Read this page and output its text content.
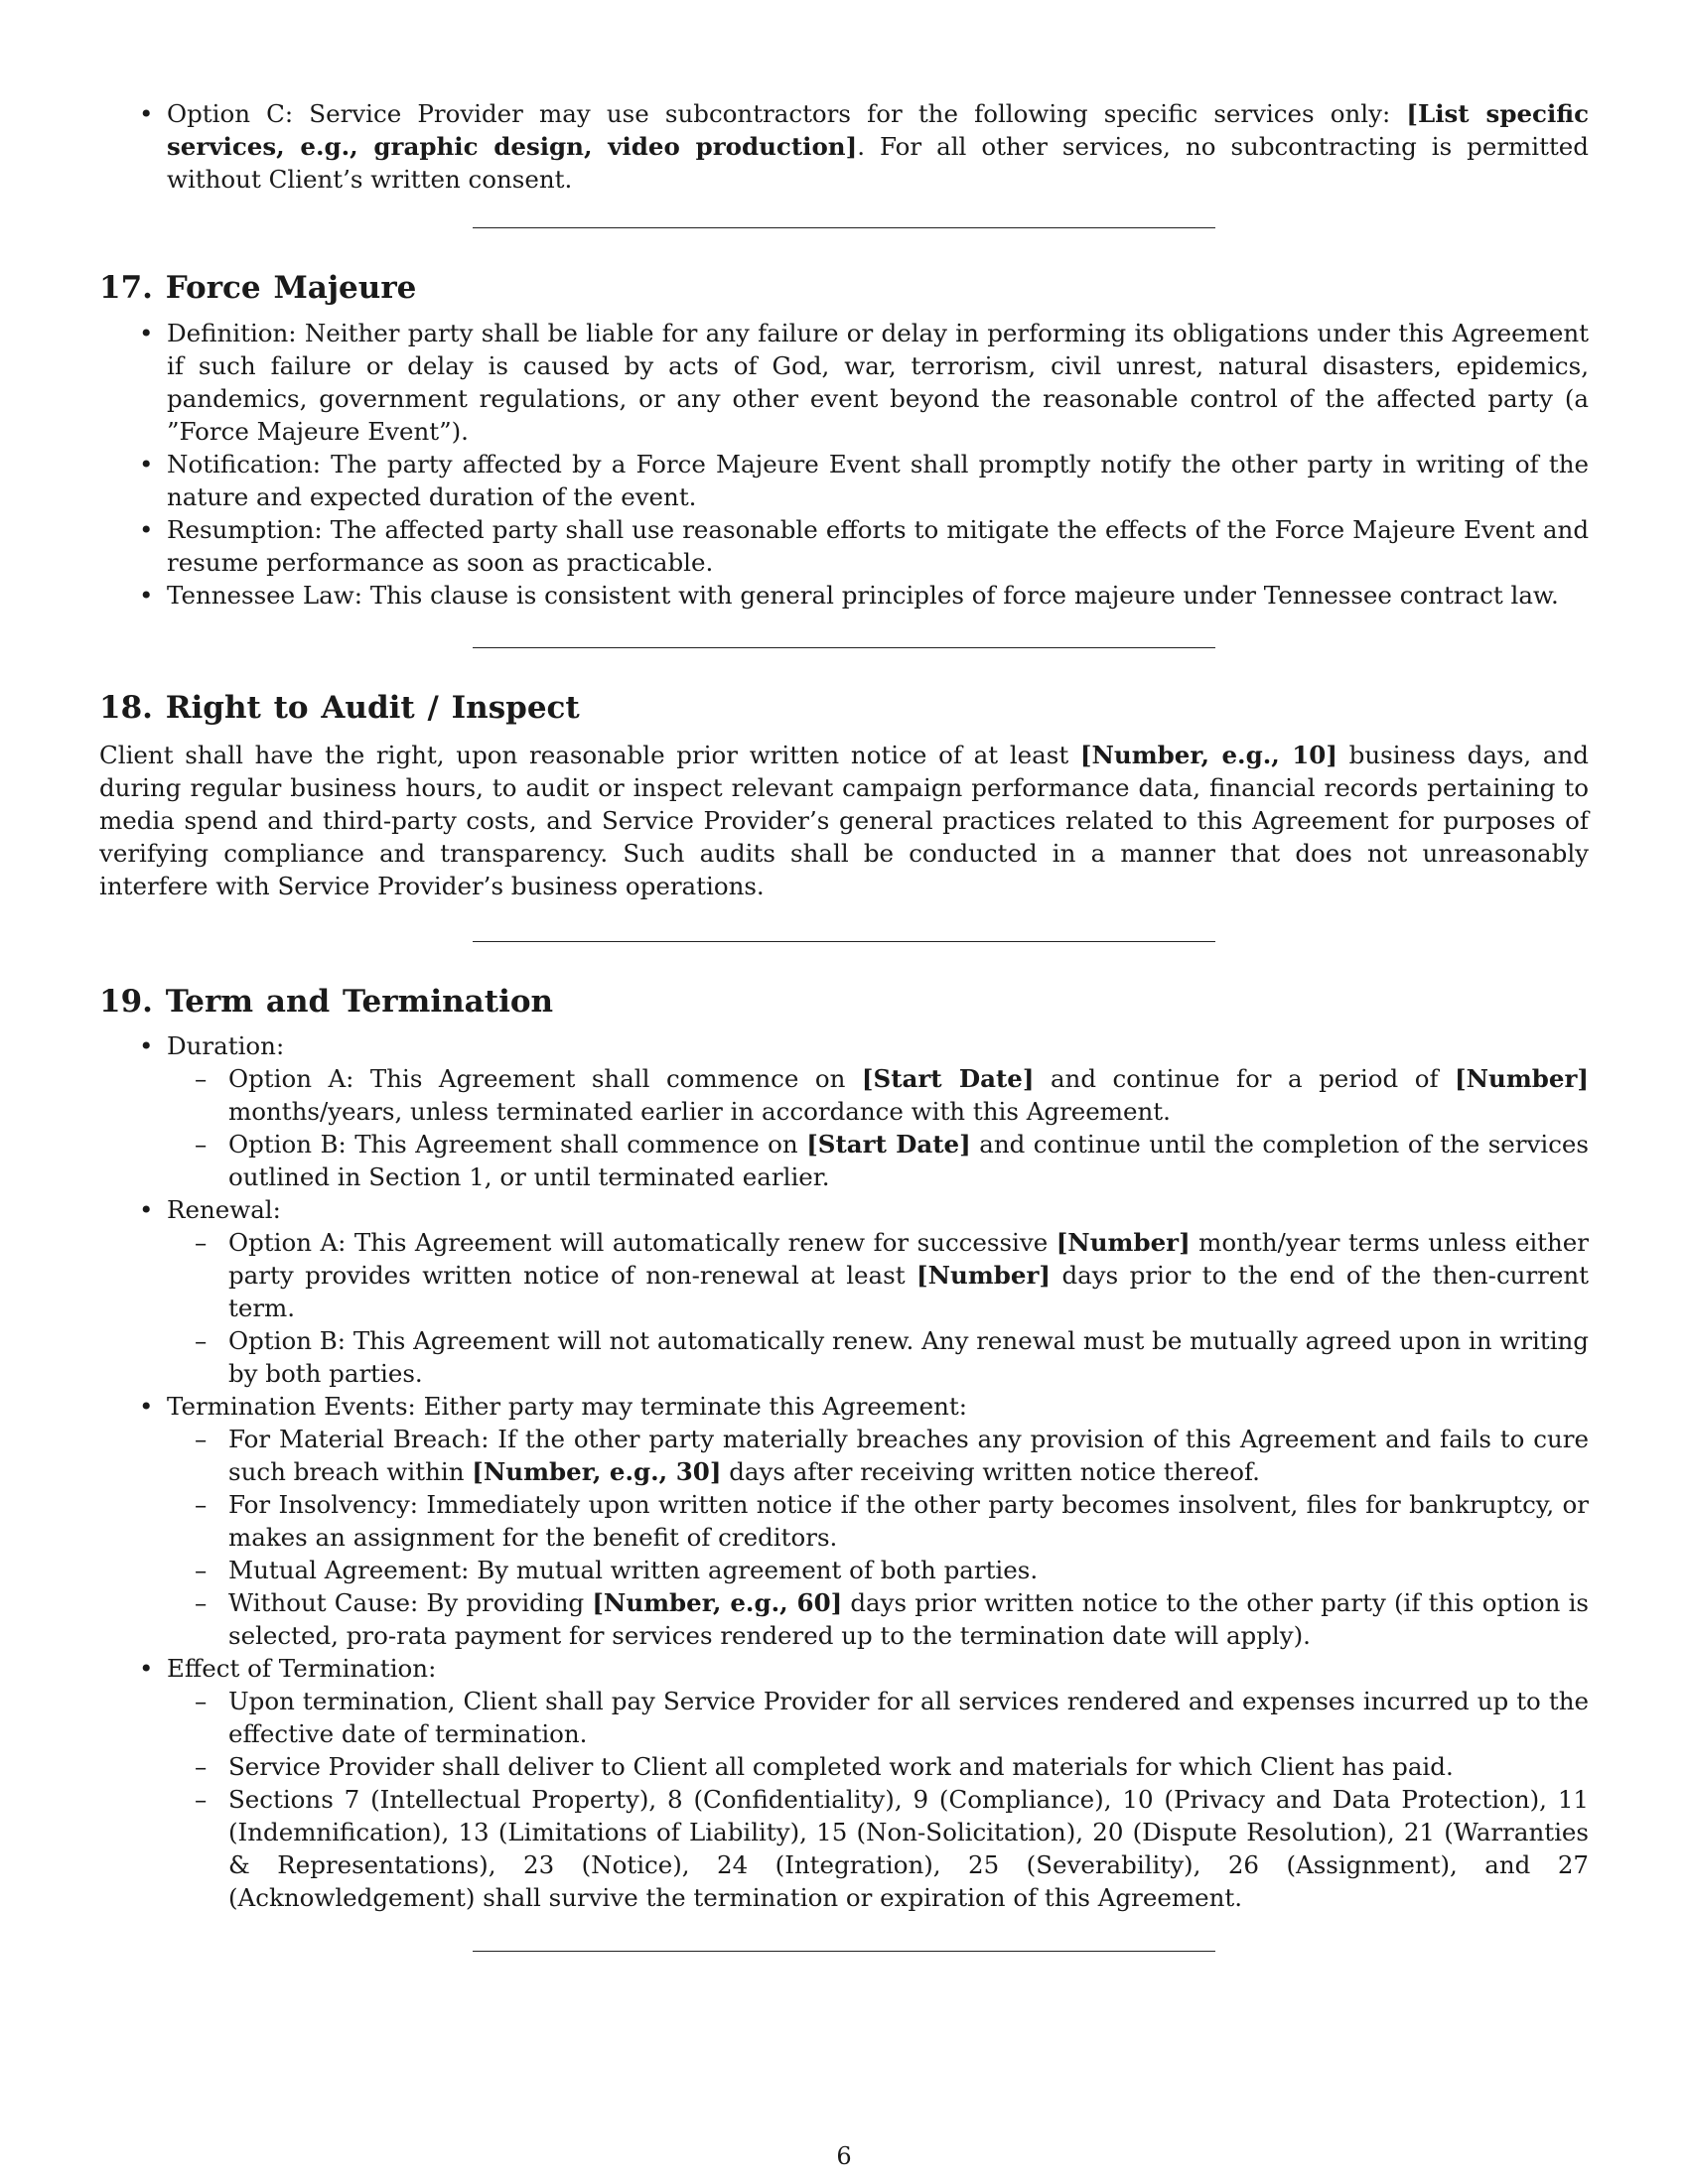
• Option C: Service Provider may use subcontractors for the following specific services only: [List specific services, e.g., graphic design, video production]. For all other services, no subcontracting is permitted without Client’s written consent.
17. Force Majeure
• Definition: Neither party shall be liable for any failure or delay in performing its obligations under this Agreement if such failure or delay is caused by acts of God, war, terrorism, civil unrest, natural disasters, epidemics, pandemics, government regulations, or any other event beyond the reasonable control of the affected party (a ”Force Majeure Event”).
• Notification: The party affected by a Force Majeure Event shall promptly notify the other party in writing of the nature and expected duration of the event.
• Resumption: The affected party shall use reasonable efforts to mitigate the effects of the Force Majeure Event and resume performance as soon as practicable.
• Tennessee Law: This clause is consistent with general principles of force majeure under Tennessee contract law.
18. Right to Audit / Inspect

Client shall have the right, upon reasonable prior written notice of at least [Number, e.g., 10] business days, and during regular business hours, to audit or inspect relevant campaign performance data, financial records pertaining to media spend and third-party costs, and Service Provider’s general practices related to this Agreement for purposes of verifying compliance and transparency. Such audits shall be conducted in a manner that does not unreasonably interfere with Service Provider’s business operations.

19. Term and Termination
• Duration:
– Option A: This Agreement shall commence on [Start Date] and continue for a period of [Number] months/years, unless terminated earlier in accordance with this Agreement.
– Option B: This Agreement shall commence on [Start Date] and continue until the completion of the services outlined in Section 1, or until terminated earlier.
• Renewal:
– Option A: This Agreement will automatically renew for successive [Number] month/year terms unless either party provides written notice of non-renewal at least [Number] days prior to the end of the then-current term.
– Option B: This Agreement will not automatically renew. Any renewal must be mutually agreed upon in writing by both parties.
• Termination Events: Either party may terminate this Agreement:
– For Material Breach: If the other party materially breaches any provision of this Agreement and fails to cure such breach within [Number, e.g., 30] days after receiving written notice thereof.
– For Insolvency: Immediately upon written notice if the other party becomes insolvent, files for bankruptcy, or makes an assignment for the benefit of creditors.
– Mutual Agreement: By mutual written agreement of both parties.
– Without Cause: By providing [Number, e.g., 60] days prior written notice to the other party (if this option is selected, pro-rata payment for services rendered up to the termination date will apply).
• Effect of Termination:
– Upon termination, Client shall pay Service Provider for all services rendered and expenses incurred up to the effective date of termination.
– Service Provider shall deliver to Client all completed work and materials for which Client has paid.
– Sections 7 (Intellectual Property), 8 (Confidentiality), 9 (Compliance), 10 (Privacy and Data Protection), 11 (Indemnification), 13 (Limitations of Liability), 15 (Non-Solicitation), 20 (Dispute Resolution), 21 (Warranties & Representations), 23 (Notice), 24 (Integration), 25 (Severability), 26 (Assignment), and 27 (Acknowledgement) shall survive the termination or expiration of this Agreement.
6
